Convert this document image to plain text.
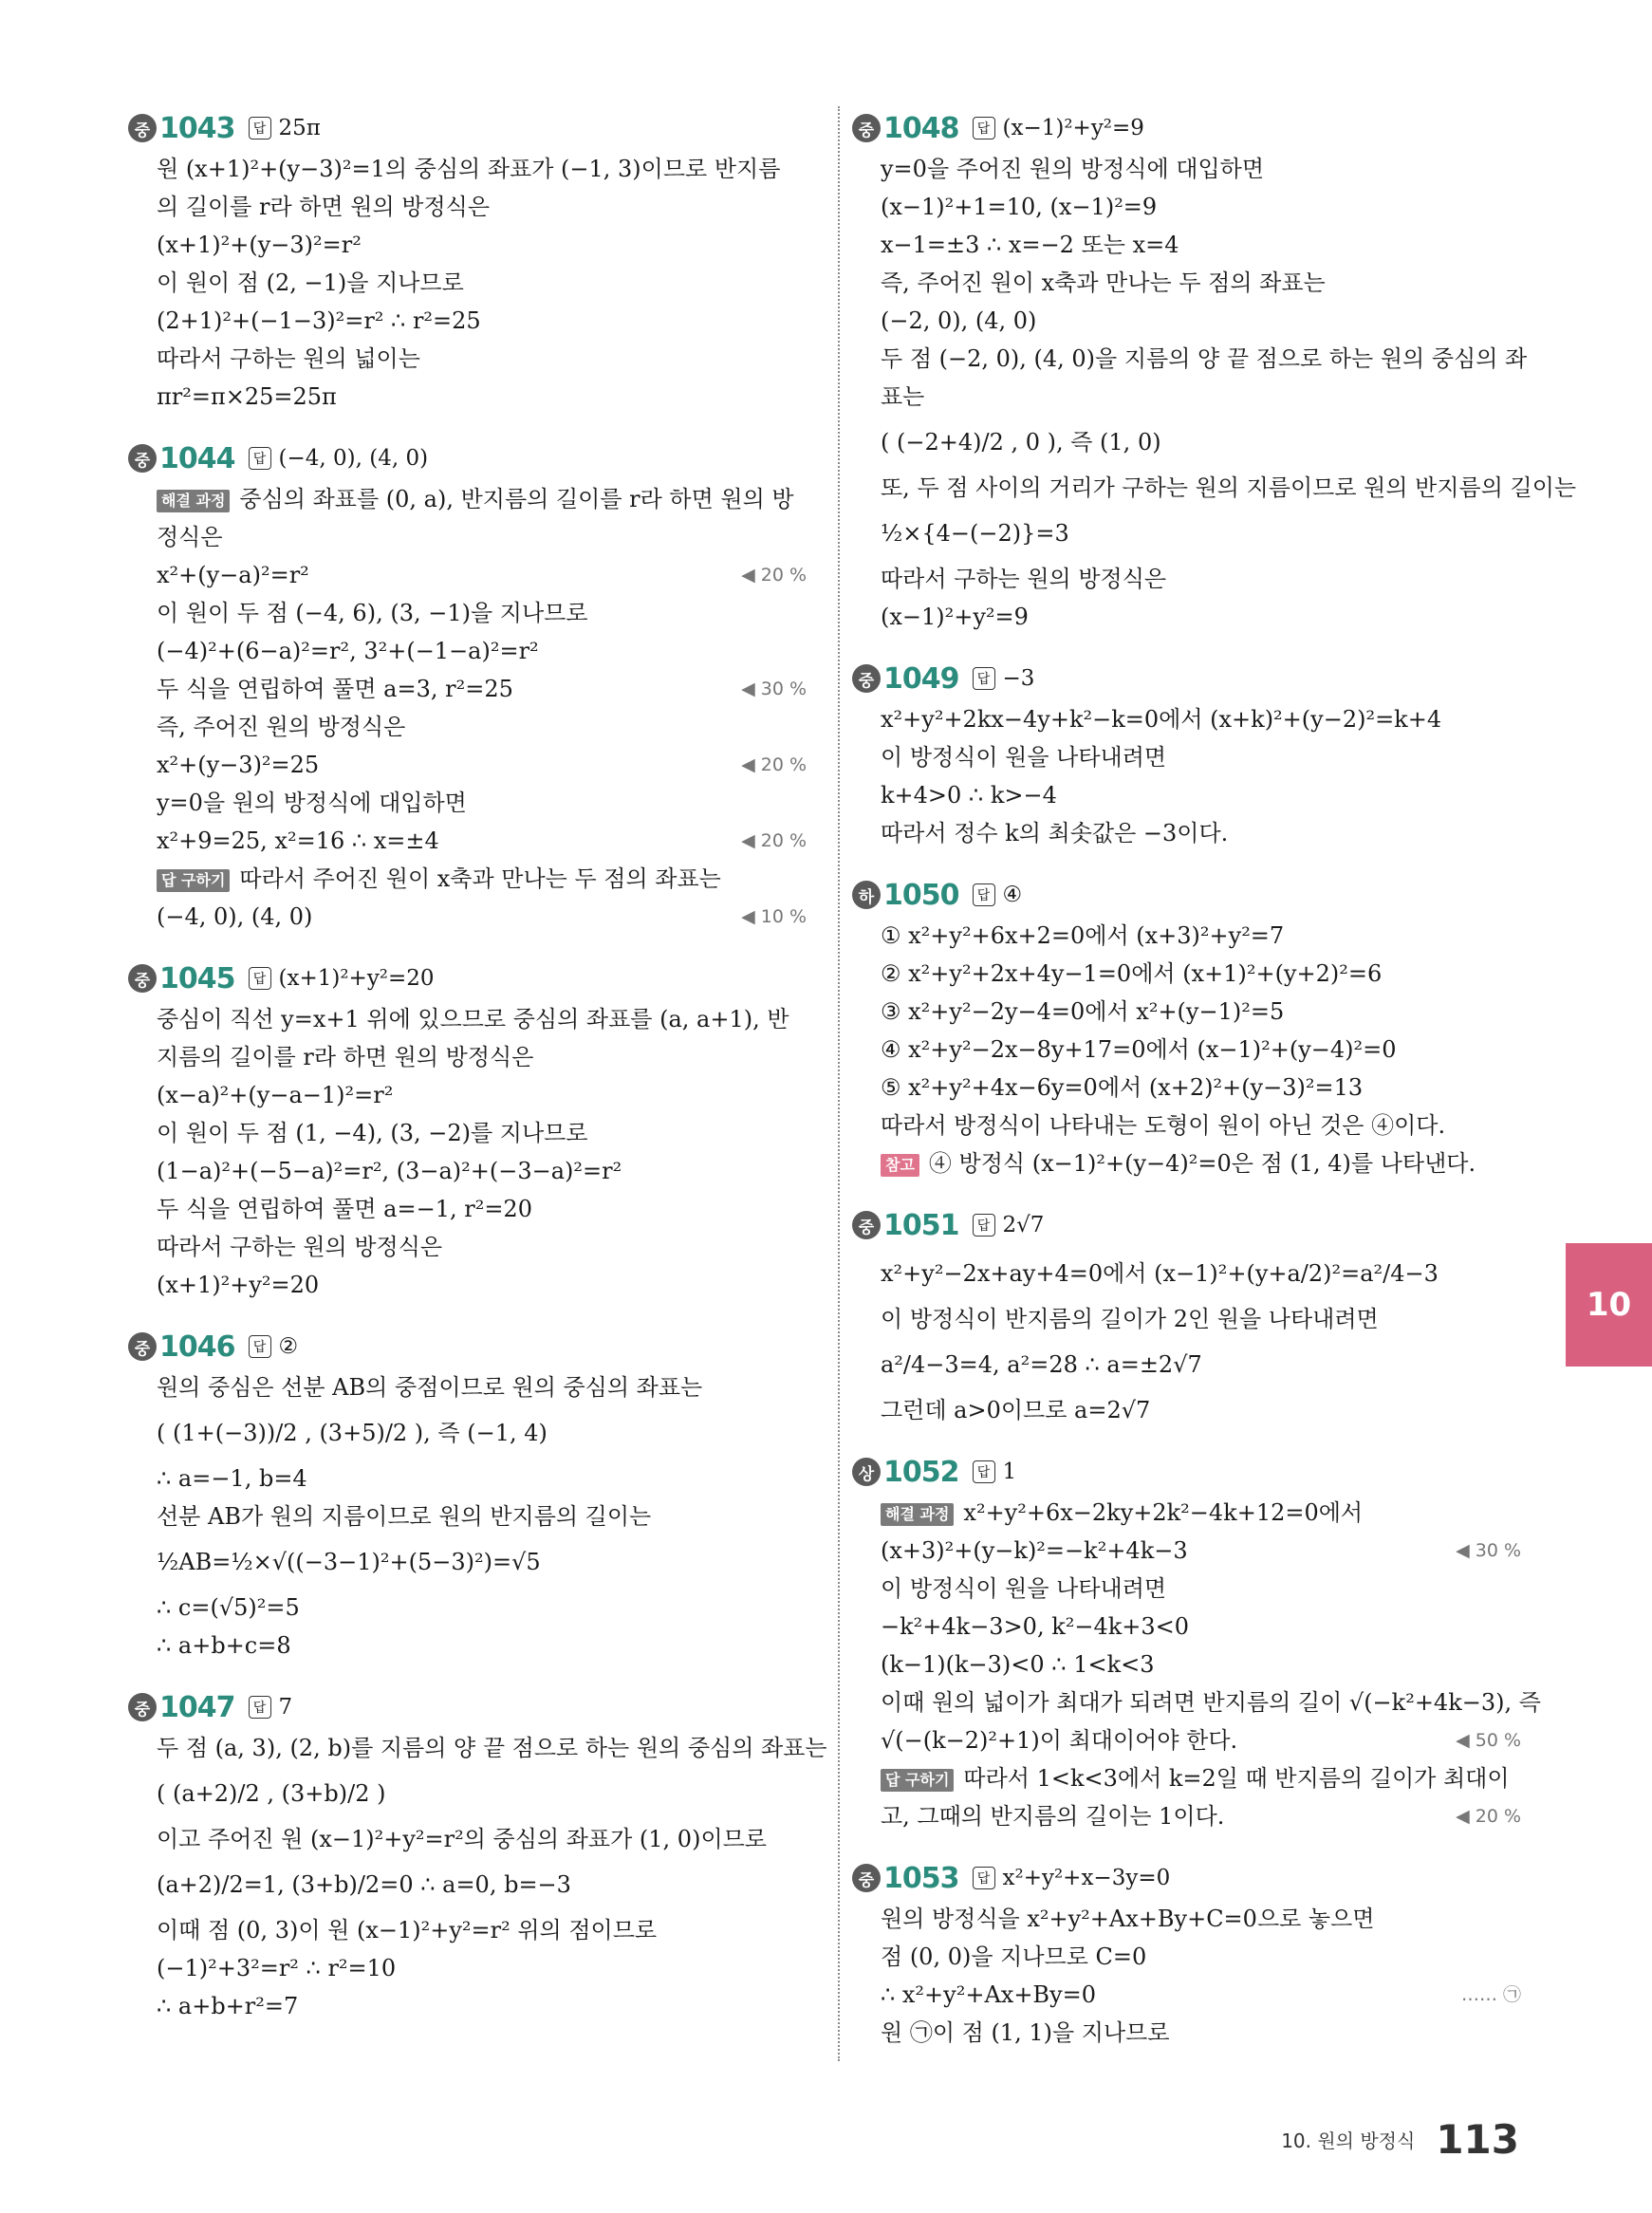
중 1043	답 25π
원 (x+1)²+(y−3)²=1의 중심의 좌표가 (−1, 3)이므로 반지름
의 길이를 r라 하면 원의 방정식은
(x+1)²+(y−3)²=r²
이 원이 점 (2, −1)을 지나므로
(2+1)²+(−1−3)²=r² ∴ r²=25
따라서 구하는 원의 넓이는
πr²=π×25=25π
중 1044	답 (−4, 0), (4, 0)
해결 과정 중심의 좌표를 (0, a), 반지름의 길이를 r라 하면 원의 방
정식은
x²+(y−a)²=r²	◀ 20 %
이 원이 두 점 (−4, 6), (3, −1)을 지나므로
(−4)²+(6−a)²=r², 3²+(−1−a)²=r²
두 식을 연립하여 풀면 a=3, r²=25	◀ 30 %
즉, 주어진 원의 방정식은
x²+(y−3)²=25	◀ 20 %
y=0을 원의 방정식에 대입하면
x²+9=25, x²=16 ∴ x=±4	◀ 20 %
답 구하기 따라서 주어진 원이 x축과 만나는 두 점의 좌표는
(−4, 0), (4, 0)	◀ 10 %
중 1045	답 (x+1)²+y²=20
중심이 직선 y=x+1 위에 있으므로 중심의 좌표를 (a, a+1), 반
지름의 길이를 r라 하면 원의 방정식은
(x−a)²+(y−a−1)²=r²
이 원이 두 점 (1, −4), (3, −2)를 지나므로
(1−a)²+(−5−a)²=r², (3−a)²+(−3−a)²=r²
두 식을 연립하여 풀면 a=−1, r²=20
따라서 구하는 원의 방정식은
(x+1)²+y²=20
중 1046	답 ②
원의 중심은 선분 AB의 중점이므로 원의 중심의 좌표는
( (1+(−3))/2 , (3+5)/2 ), 즉 (−1, 4)
∴ a=−1, b=4
선분 AB가 원의 지름이므로 원의 반지름의 길이는
½AB=½×√((−3−1)²+(5−3)²)=√5
∴ c=(√5)²=5
∴ a+b+c=8
중 1047	답 7
두 점 (a, 3), (2, b)를 지름의 양 끝 점으로 하는 원의 중심의 좌표는
( (a+2)/2 , (3+b)/2 )
이고 주어진 원 (x−1)²+y²=r²의 중심의 좌표가 (1, 0)이므로
(a+2)/2=1, (3+b)/2=0 ∴ a=0, b=−3
이때 점 (0, 3)이 원 (x−1)²+y²=r² 위의 점이므로
(−1)²+3²=r² ∴ r²=10
∴ a+b+r²=7
중 1048	답 (x−1)²+y²=9
y=0을 주어진 원의 방정식에 대입하면
(x−1)²+1=10, (x−1)²=9
x−1=±3 ∴ x=−2 또는 x=4
즉, 주어진 원이 x축과 만나는 두 점의 좌표는
(−2, 0), (4, 0)
두 점 (−2, 0), (4, 0)을 지름의 양 끝 점으로 하는 원의 중심의 좌
표는
( (−2+4)/2 , 0 ), 즉 (1, 0)
또, 두 점 사이의 거리가 구하는 원의 지름이므로 원의 반지름의 길이는
½×{4−(−2)}=3
따라서 구하는 원의 방정식은
(x−1)²+y²=9
중 1049	답 −3
x²+y²+2kx−4y+k²−k=0에서 (x+k)²+(y−2)²=k+4
이 방정식이 원을 나타내려면
k+4>0 ∴ k>−4
따라서 정수 k의 최솟값은 −3이다.
하 1050	답 ④
① x²+y²+6x+2=0에서 (x+3)²+y²=7
② x²+y²+2x+4y−1=0에서 (x+1)²+(y+2)²=6
③ x²+y²−2y−4=0에서 x²+(y−1)²=5
④ x²+y²−2x−8y+17=0에서 (x−1)²+(y−4)²=0
⑤ x²+y²+4x−6y=0에서 (x+2)²+(y−3)²=13
따라서 방정식이 나타내는 도형이 원이 아닌 것은 ④이다.
참고 ④ 방정식 (x−1)²+(y−4)²=0은 점 (1, 4)를 나타낸다.
중 1051	답 2√7
x²+y²−2x+ay+4=0에서 (x−1)²+(y+a/2)²=a²/4−3
이 방정식이 반지름의 길이가 2인 원을 나타내려면
a²/4−3=4, a²=28 ∴ a=±2√7
그런데 a>0이므로 a=2√7
상 1052	답 1
해결 과정 x²+y²+6x−2ky+2k²−4k+12=0에서
(x+3)²+(y−k)²=−k²+4k−3	◀ 30 %
이 방정식이 원을 나타내려면
−k²+4k−3>0, k²−4k+3<0
(k−1)(k−3)<0 ∴ 1<k<3
이때 원의 넓이가 최대가 되려면 반지름의 길이 √(−k²+4k−3), 즉
√(−(k−2)²+1)이 최대이어야 한다.	◀ 50 %
답 구하기 따라서 1<k<3에서 k=2일 때 반지름의 길이가 최대이
고, 그때의 반지름의 길이는 1이다.	◀ 20 %
중 1053	답 x²+y²+x−3y=0
원의 방정식을 x²+y²+Ax+By+C=0으로 놓으면
점 (0, 0)을 지나므로 C=0
∴ x²+y²+Ax+By=0	…… ㉠
원 ㉠이 점 (1, 1)을 지나므로
10
10. 원의 방정식 113
